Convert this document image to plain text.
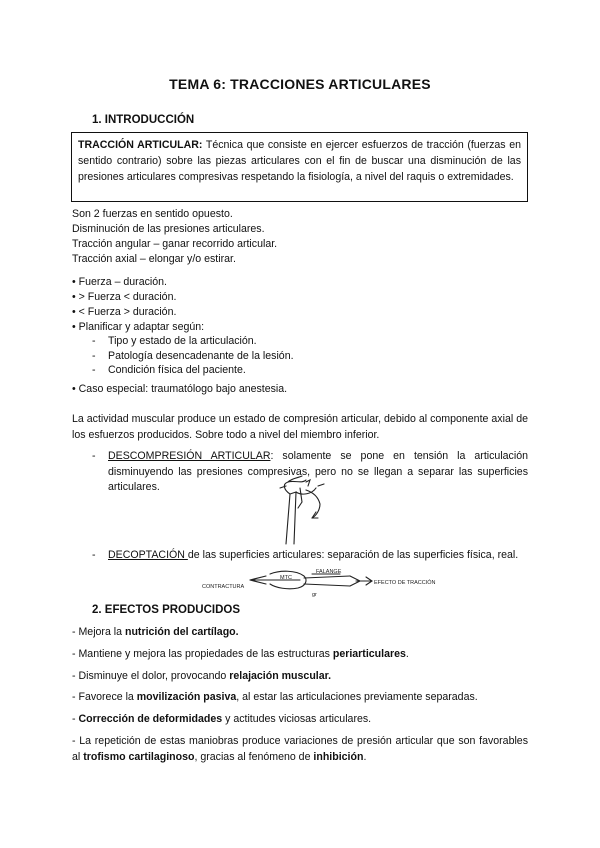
TEMA 6: TRACCIONES ARTICULARES
1. INTRODUCCIÓN
TRACCIÓN ARTICULAR: Técnica que consiste en ejercer esfuerzos de tracción (fuerzas en sentido contrario) sobre las piezas articulares con el fin de buscar una disminución de las presiones articulares compresivas respetando la fisiología, a nivel del raquis o extremidades.
Son 2 fuerzas en sentido opuesto.
Disminución de las presiones articulares.
Tracción angular – ganar recorrido articular.
Tracción axial – elongar y/o estirar.
• Fuerza – duración.
• > Fuerza < duración.
• < Fuerza > duración.
• Planificar y adaptar según:
- Tipo y estado de la articulación.
- Patología desencadenante de la lesión.
- Condición física del paciente.
• Caso especial: traumatólogo bajo anestesia.
La actividad muscular produce un estado de compresión articular, debido al componente axial de los esfuerzos producidos. Sobre todo a nivel del miembro inferior.
- DESCOMPRESIÓN ARTICULAR: solamente se pone en tensión la articulación disminuyendo las presiones compresivas, pero no se llegan a separar las superficies articulares.
- DECOPTACIÓN de las superficies articulares: separación de las superficies física, real.
CONTRACTURA
MTC
FALANGE
EFECTO DE TRACCIÓN
gr
2. EFECTOS PRODUCIDOS
- Mejora la nutrición del cartílago.
- Mantiene y mejora las propiedades de las estructuras periarticulares.
- Disminuye el dolor, provocando relajación muscular.
- Favorece la movilización pasiva, al estar las articulaciones previamente separadas.
- Corrección de deformidades y actitudes viciosas articulares.
- La repetición de estas maniobras produce variaciones de presión articular que son favorables al trofismo cartilaginoso, gracias al fenómeno de inhibición.
